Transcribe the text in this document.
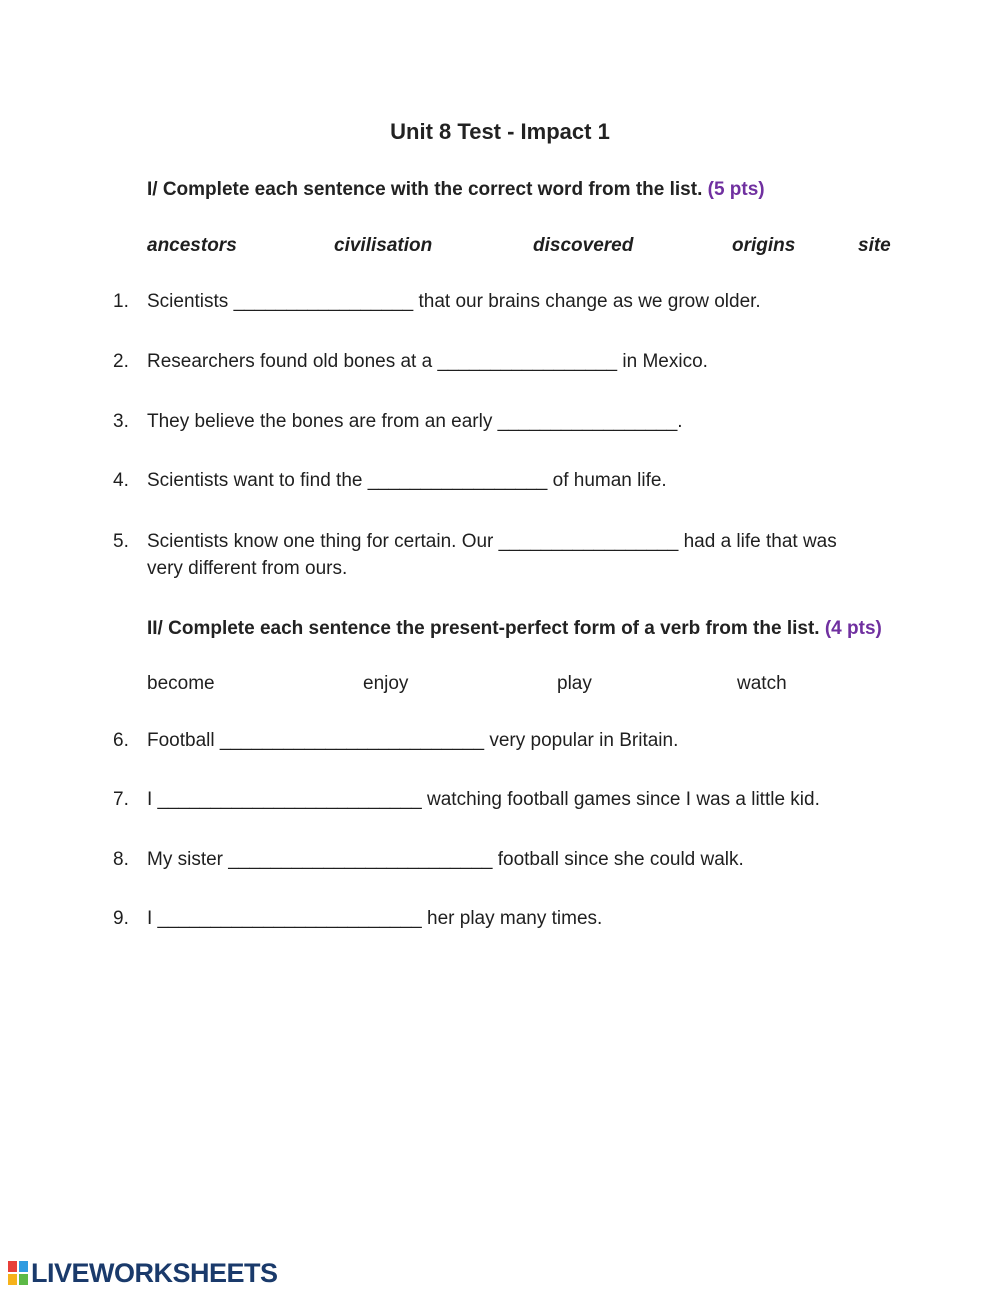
Unit 8 Test - Impact 1
I/ Complete each sentence with the correct word from the list. (5 pts)
ancestors	civilisation	discovered	origins	site
1. Scientists _________________ that our brains change as we grow older.
2. Researchers found old bones at a _________________ in Mexico.
3. They believe the bones are from an early _________________.
4. Scientists want to find the _________________ of human life.
5. Scientists know one thing for certain. Our _________________ had a life that was
very different from ours.
II/ Complete each sentence the present-perfect form of a verb from the list. (4 pts)
become	enjoy	play	watch
6. Football _________________________ very popular in Britain.
7. I _________________________ watching football games since I was a little kid.
8. My sister _________________________ football since she could walk.
9. I _________________________ her play many times.
LIVEWORKSHEETS
